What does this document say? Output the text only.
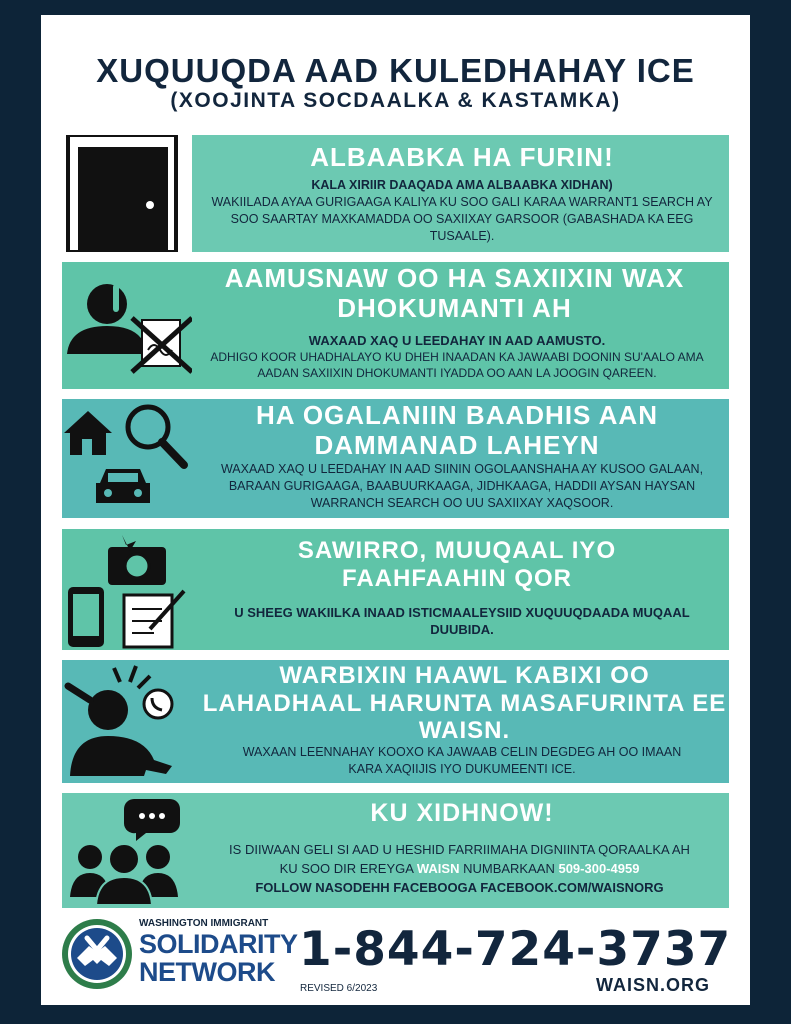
XUQUUQDA AAD KULEDHAHAY ICE
(XOOJINTA SOCDAALKA & KASTAMKA)
ALBAABKA HA FURIN!
KALA XIRIIR DAAQADA AMA ALBAABKA XIDHAN)
WAKIILADA AYAA GURIGAAGA KALIYA KU SOO GALI KARAA WARRANT1 SEARCH AY SOO SAARTAY MAXKAMADDA OO SAXIIXAY GARSOOR (GABASHADA KA EEG TUSAALE).
AAMUSNAW OO HA SAXIIXIN WAX DHOKUMANTI AH
WAXAAD XAQ U LEEDAHAY IN AAD AAMUSTO.
ADHIGO KOOR UHADHALAYO KU DHEH INAADAN KA JAWAABI DOONIN SU'AALO AMA AADAN SAXIIXIN DHOKUMANTI IYADDA OO AAN LA JOOGIN QAREEN.
HA OGALANIIN BAADHIS AAN DAMMANAD LAHEYN
WAXAAD XAQ U LEEDAHAY IN AAD SIININ OGOLAANSHAHA AY KUSOO GALAAN, BARAAN GURIGAAGA, BAABUURKAAGA, JIDHKAAGA, HADDII AYSAN HAYSAN WARRANCH SEARCH OO UU SAXIIXAY XAQSOOR.
SAWIRRO, MUUQAAL IYO FAAHFAAHIN QOR
U SHEEG WAKIILKA INAAD ISTICMAALEYSIID XUQUUQDAADA MUQAAL DUUBIDA.
WARBIXIN HAAWL KABIXI OO LAHADHAAL HARUNTA MASAFURINTA EE WAISN.
WAXAAN LEENNAHAY KOOXO KA JAWAAB CELIN DEGDEG AH OO IMAAN KARA XAQIIJIS IYO DUKUMEENTI ICE.
KU XIDHNOW!
IS DIIWAAN GELI SI AAD U HESHID FARRIIMAHA DIGNIINTA QORAALKA AH
KU SOO DIR EREYGA WAISN NUMBARKAAN 509-300-4959
FOLLOW NASODEHH FACEBOOGA FACEBOOK.COM/WAISNORG
WASHINGTON IMMIGRANT
SOLIDARITY
NETWORK 1-844-724-3737
REVISED 6/2023	WAISN.ORG
